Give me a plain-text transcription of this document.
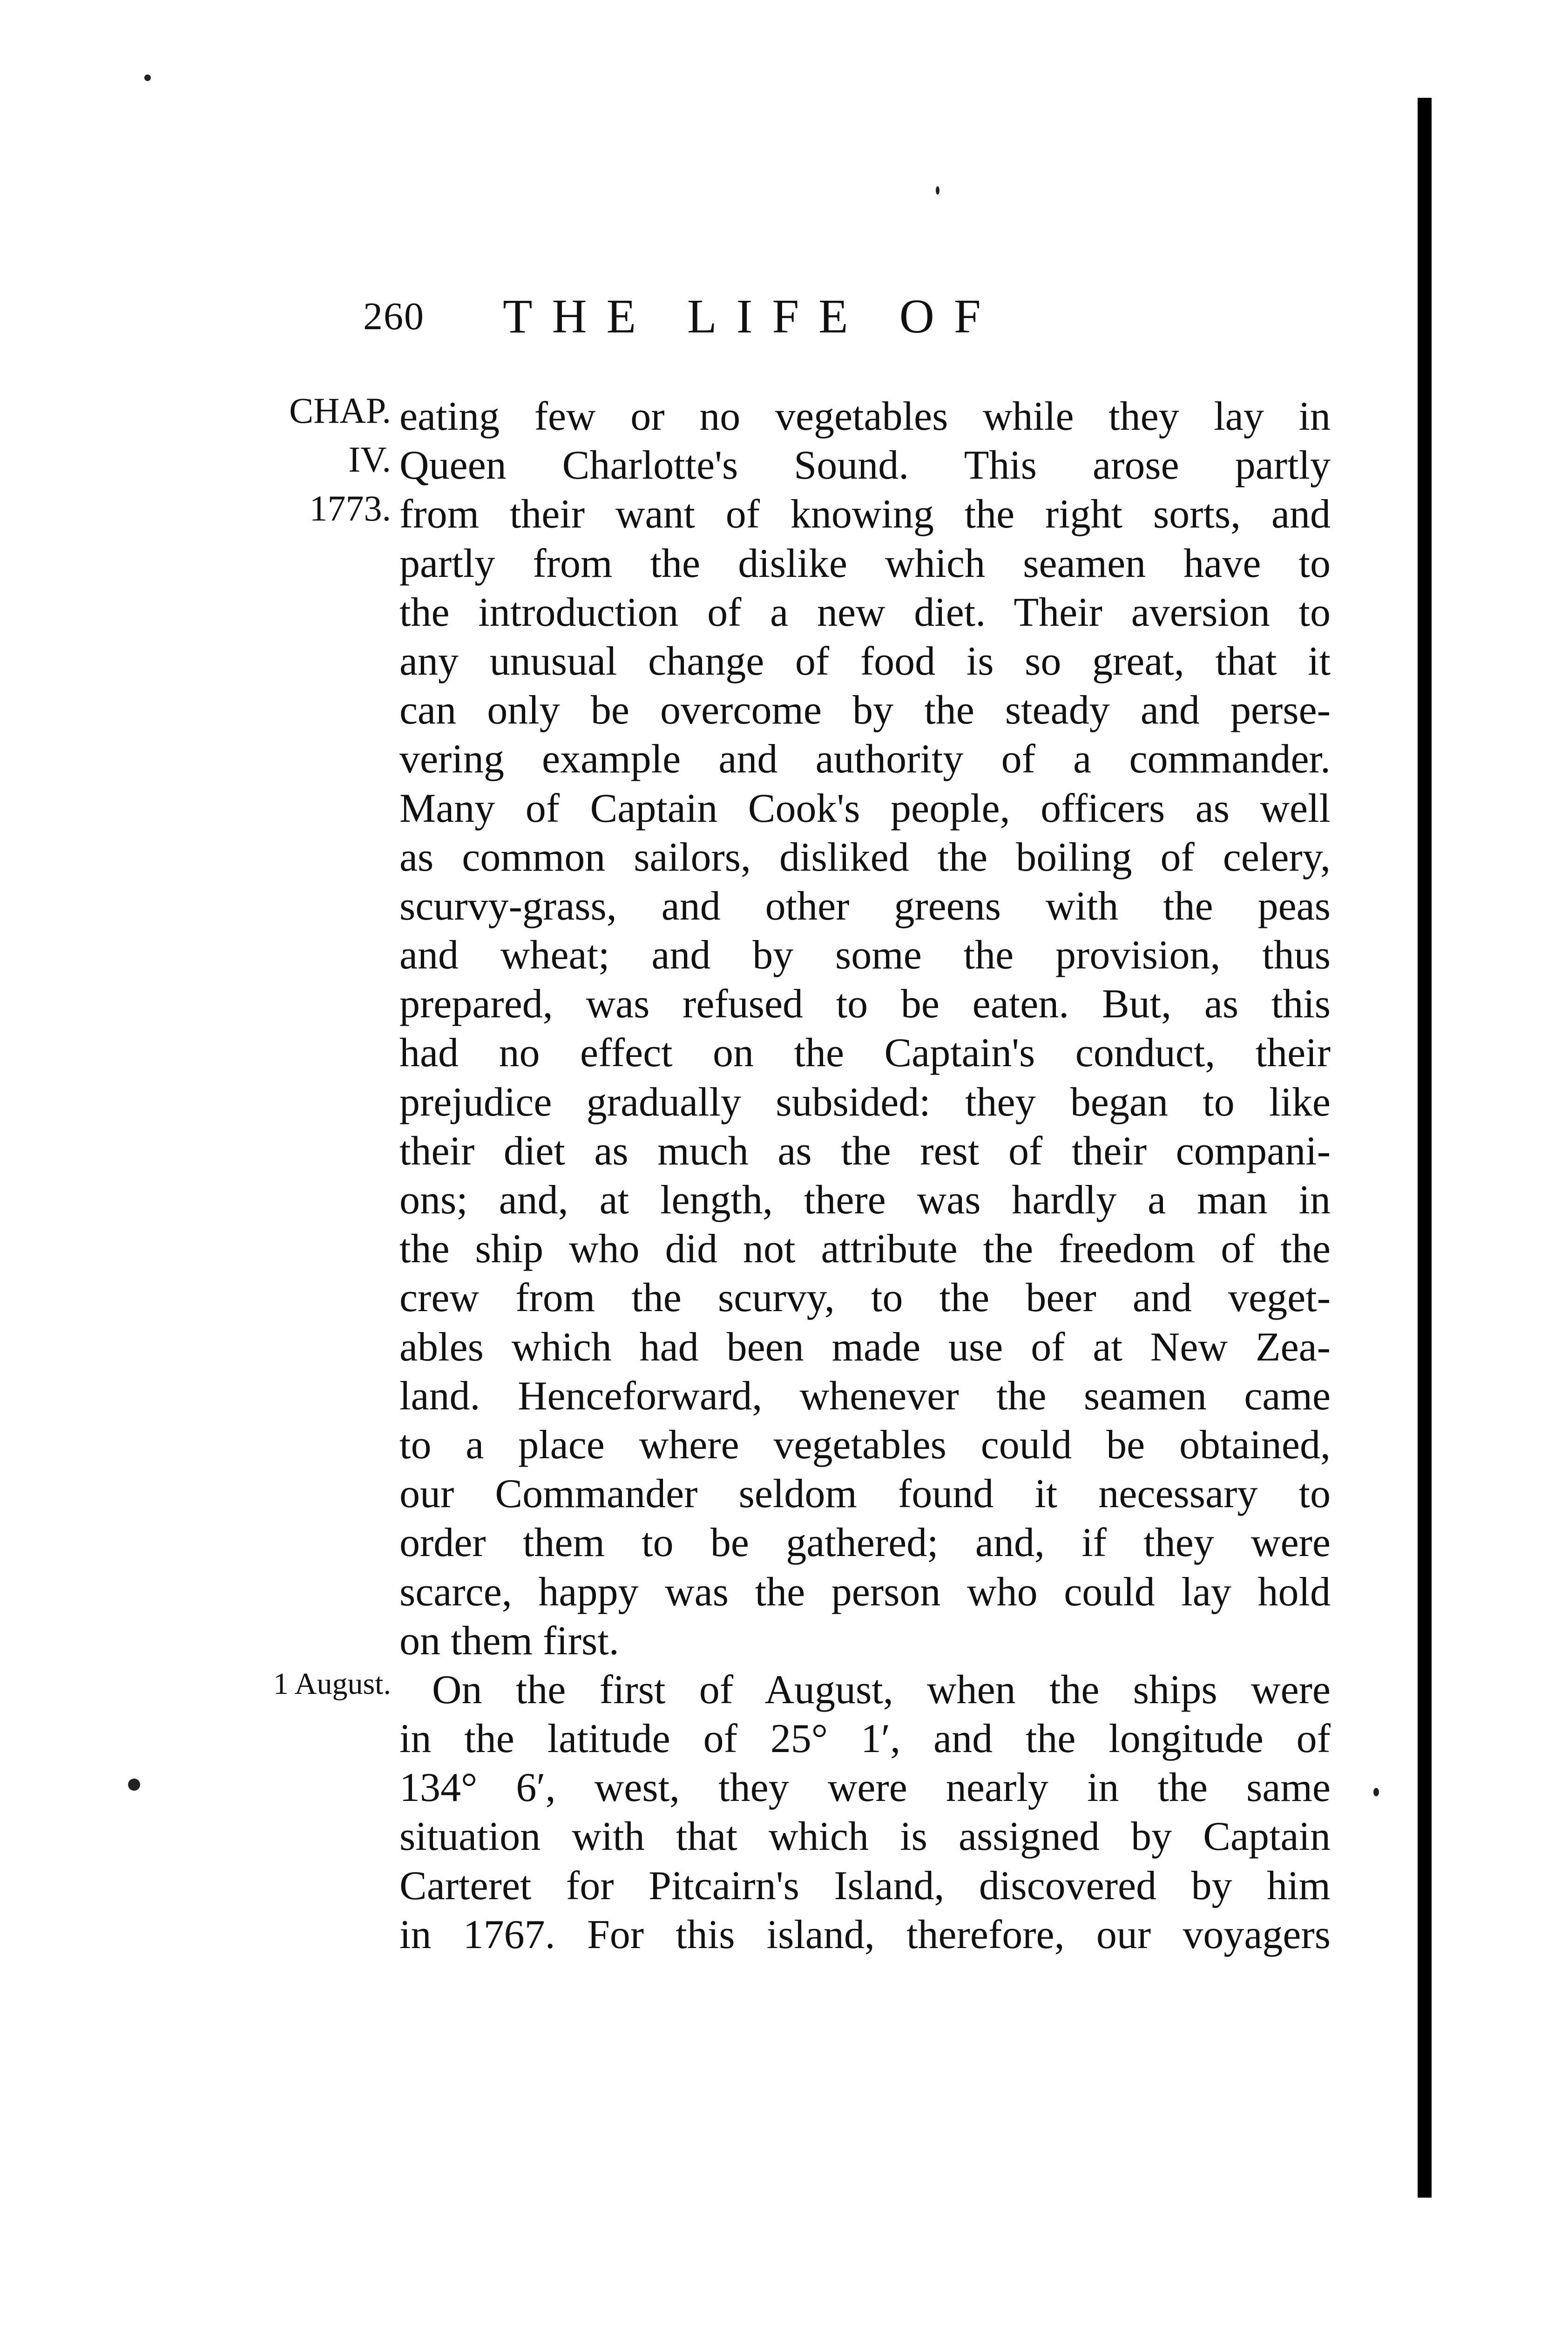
260 THE LIFE OF
CHAP.
IV.
1773.
1 August.
eating few or no vegetables while they lay in
Queen Charlotte's Sound. This arose partly
from their want of knowing the right sorts, and
partly from the dislike which seamen have to
the introduction of a new diet. Their aversion to
any unusual change of food is so great, that it
can only be overcome by the steady and perse-
vering example and authority of a commander.
Many of Captain Cook's people, officers as well
as common sailors, disliked the boiling of celery,
scurvy-grass, and other greens with the peas
and wheat; and by some the provision, thus
prepared, was refused to be eaten. But, as this
had no effect on the Captain's conduct, their
prejudice gradually subsided: they began to like
their diet as much as the rest of their compani-
ons; and, at length, there was hardly a man in
the ship who did not attribute the freedom of the
crew from the scurvy, to the beer and veget-
ables which had been made use of at New Zea-
land. Henceforward, whenever the seamen came
to a place where vegetables could be obtained,
our Commander seldom found it necessary to
order them to be gathered; and, if they were
scarce, happy was the person who could lay hold
on them first.
On the first of August, when the ships were
in the latitude of 25° 1′, and the longitude of
134° 6′, west, they were nearly in the same
situation with that which is assigned by Captain
Carteret for Pitcairn's Island, discovered by him
in 1767. For this island, therefore, our voyagers
